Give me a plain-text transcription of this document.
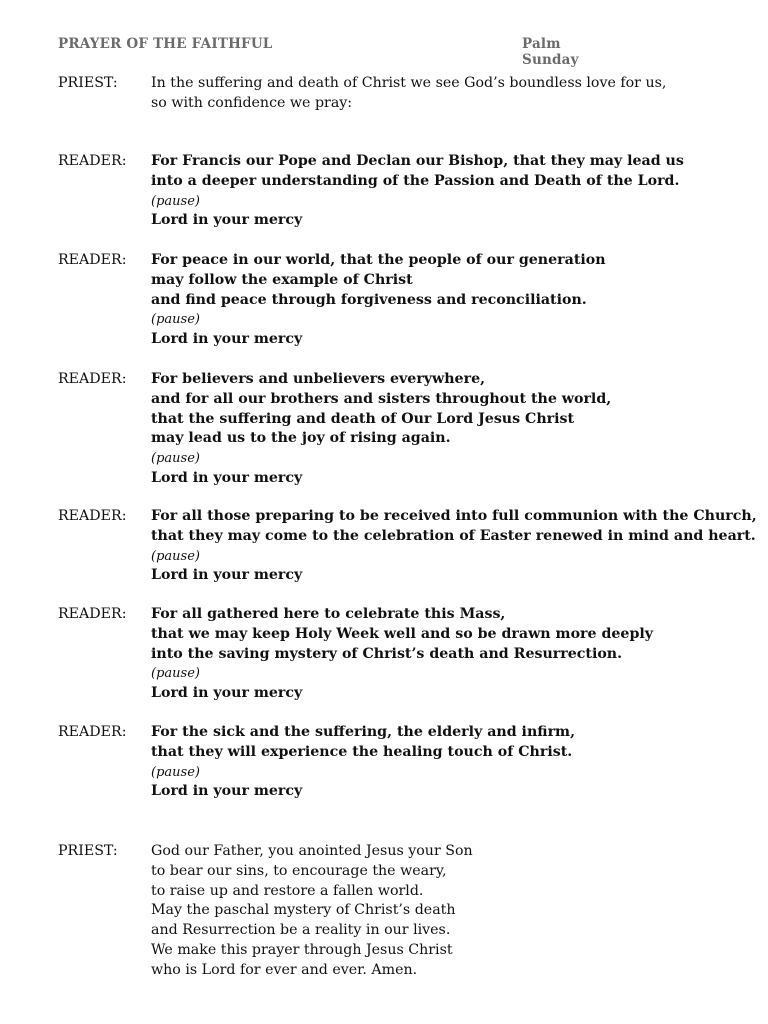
PRAYER OF THE FAITHFUL	Palm Sunday
PRIEST:	In the suffering and death of Christ we see God’s boundless love for us,
so with confidence we pray:
READER:	For Francis our Pope and Declan our Bishop, that they may lead us
into a deeper understanding of the Passion and Death of the Lord.
(pause)
Lord in your mercy
READER:	For peace in our world, that the people of our generation
may follow the example of Christ
and find peace through forgiveness and reconciliation.
(pause)
Lord in your mercy
READER:	For believers and unbelievers everywhere,
and for all our brothers and sisters throughout the world,
that the suffering and death of Our Lord Jesus Christ
may lead us to the joy of rising again.
(pause)
Lord in your mercy
READER:	For all those preparing to be received into full communion with the Church,
that they may come to the celebration of Easter renewed in mind and heart.
(pause)
Lord in your mercy
READER:	For all gathered here to celebrate this Mass,
that we may keep Holy Week well and so be drawn more deeply
into the saving mystery of Christ’s death and Resurrection.
(pause)
Lord in your mercy
READER:	For the sick and the suffering, the elderly and infirm,
that they will experience the healing touch of Christ.
(pause)
Lord in your mercy
PRIEST:	God our Father, you anointed Jesus your Son
to bear our sins, to encourage the weary,
to raise up and restore a fallen world.
May the paschal mystery of Christ’s death
and Resurrection be a reality in our lives.
We make this prayer through Jesus Christ
who is Lord for ever and ever. Amen.
